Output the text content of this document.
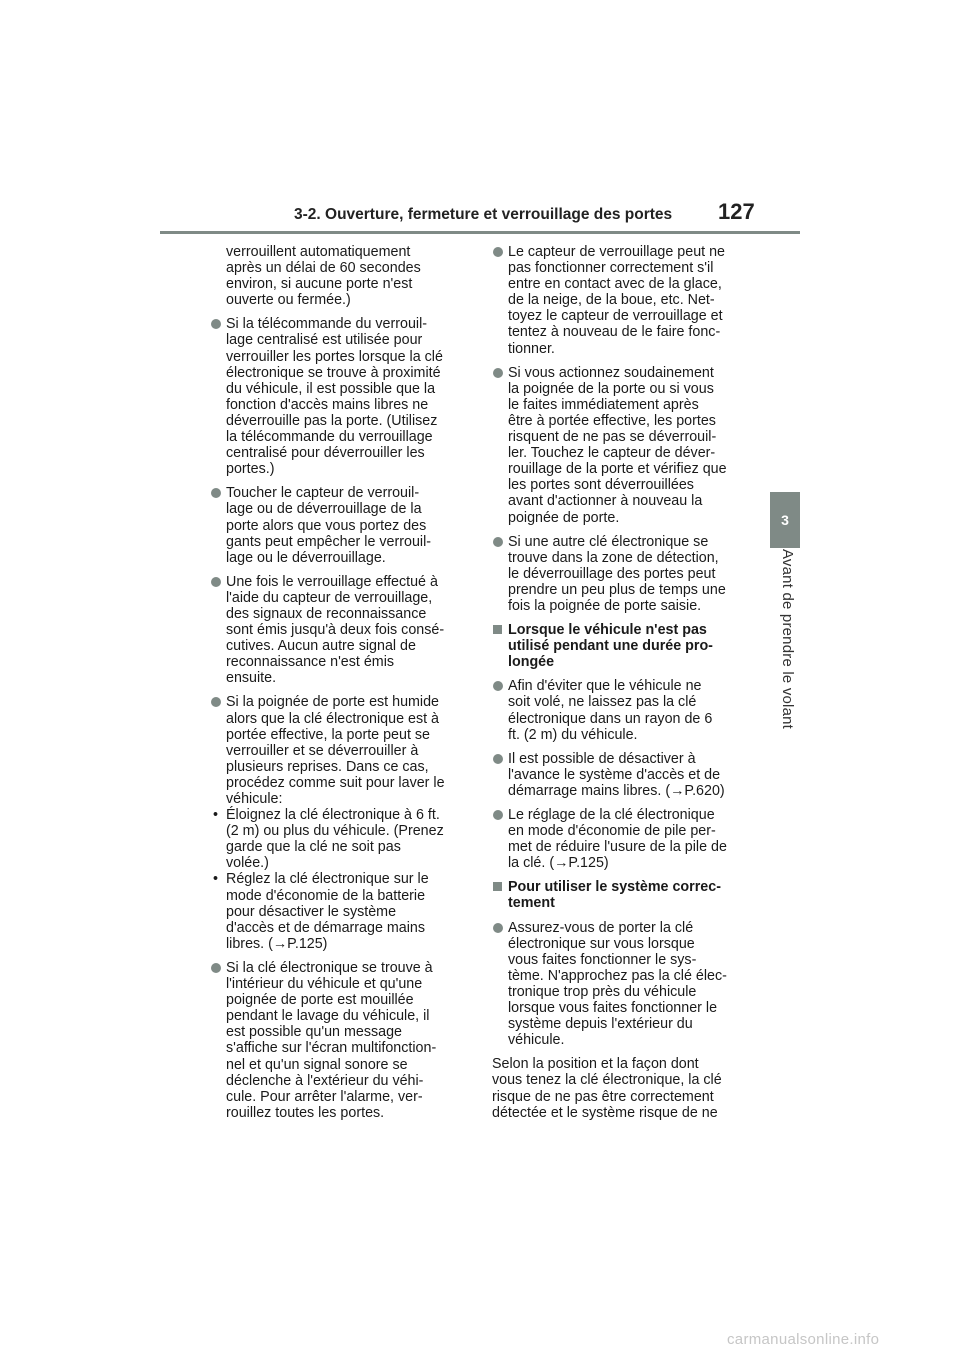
3-2. Ouverture, fermeture et verrouillage des portes 127
3
Avant de prendre le volant
verrouillent automatiquement
après un délai de 60 secondes
environ, si aucune porte n'est
ouverte ou fermée.)
Si la télécommande du verrouil-
lage centralisé est utilisée pour
verrouiller les portes lorsque la clé
électronique se trouve à proximité
du véhicule, il est possible que la
fonction d'accès mains libres ne
déverrouille pas la porte. (Utilisez
la télécommande du verrouillage
centralisé pour déverrouiller les
portes.)
Toucher le capteur de verrouil-
lage ou de déverrouillage de la
porte alors que vous portez des
gants peut empêcher le verrouil-
lage ou le déverrouillage.
Une fois le verrouillage effectué à
l'aide du capteur de verrouillage,
des signaux de reconnaissance
sont émis jusqu'à deux fois consé-
cutives. Aucun autre signal de
reconnaissance n'est émis
ensuite.
Si la poignée de porte est humide
alors que la clé électronique est à
portée effective, la porte peut se
verrouiller et se déverrouiller à
plusieurs reprises. Dans ce cas,
procédez comme suit pour laver le
véhicule:
• Éloignez la clé électronique à 6 ft.
(2 m) ou plus du véhicule. (Prenez
garde que la clé ne soit pas
volée.)
• Réglez la clé électronique sur le
mode d'économie de la batterie
pour désactiver le système
d'accès et de démarrage mains
libres. (→P.125)
Si la clé électronique se trouve à
l'intérieur du véhicule et qu'une
poignée de porte est mouillée
pendant le lavage du véhicule, il
est possible qu'un message
s'affiche sur l'écran multifonction-
nel et qu'un signal sonore se
déclenche à l'extérieur du véhi-
cule. Pour arrêter l'alarme, ver-
rouillez toutes les portes.
Le capteur de verrouillage peut ne
pas fonctionner correctement s'il
entre en contact avec de la glace,
de la neige, de la boue, etc. Net-
toyez le capteur de verrouillage et
tentez à nouveau de le faire fonc-
tionner.
Si vous actionnez soudainement
la poignée de la porte ou si vous
le faites immédiatement après
être à portée effective, les portes
risquent de ne pas se déverrouil-
ler. Touchez le capteur de déver-
rouillage de la porte et vérifiez que
les portes sont déverrouillées
avant d'actionner à nouveau la
poignée de porte.
Si une autre clé électronique se
trouve dans la zone de détection,
le déverrouillage des portes peut
prendre un peu plus de temps une
fois la poignée de porte saisie.
Lorsque le véhicule n'est pas
utilisé pendant une durée pro-
longée
Afin d'éviter que le véhicule ne
soit volé, ne laissez pas la clé
électronique dans un rayon de 6
ft. (2 m) du véhicule.
Il est possible de désactiver à
l'avance le système d'accès et de
démarrage mains libres. (→P.620)
Le réglage de la clé électronique
en mode d'économie de pile per-
met de réduire l'usure de la pile de
la clé. (→P.125)
Pour utiliser le système correc-
tement
Assurez-vous de porter la clé
électronique sur vous lorsque
vous faites fonctionner le sys-
tème. N'approchez pas la clé élec-
tronique trop près du véhicule
lorsque vous faites fonctionner le
système depuis l'extérieur du
véhicule.
Selon la position et la façon dont
vous tenez la clé électronique, la clé
risque de ne pas être correctement
détectée et le système risque de ne
carmanualsonline.info
